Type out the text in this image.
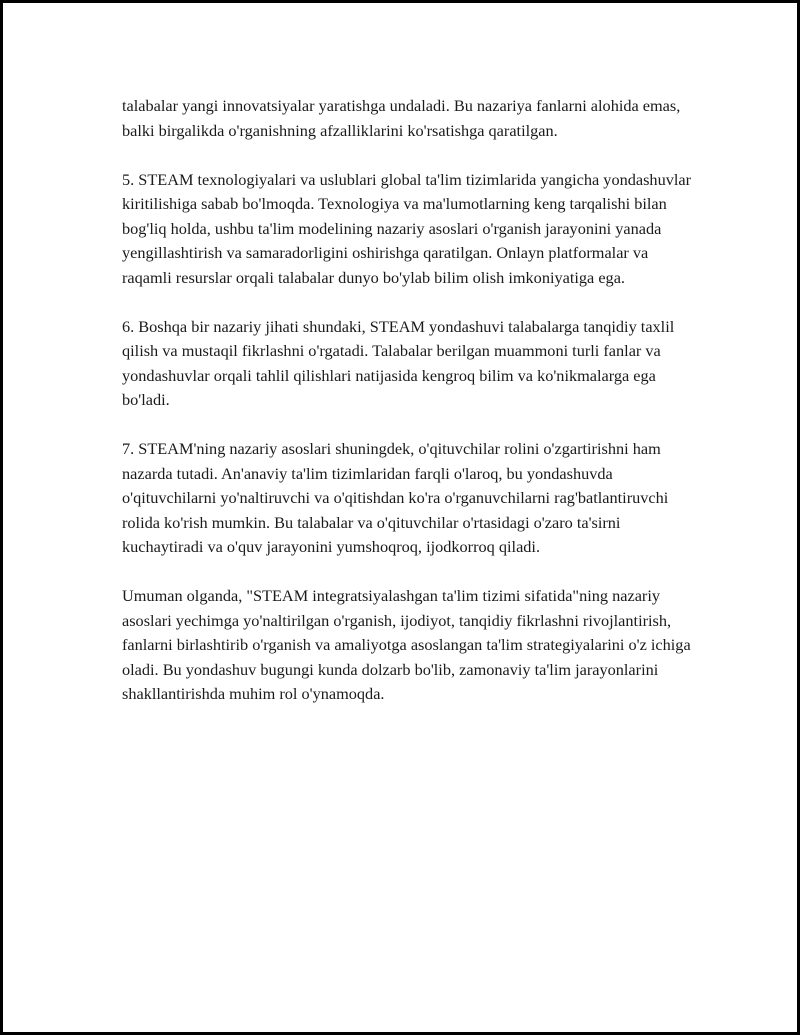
talabalar yangi innovatsiyalar yaratishga undaladi. Bu nazariya fanlarni alohida emas, balki birgalikda o'rganishning afzalliklarini ko'rsatishga qaratilgan.

5. STEAM texnologiyalari va uslublari global ta'lim tizimlarida yangicha yondashuvlar kiritilishiga sabab bo'lmoqda. Texnologiya va ma'lumotlarning keng tarqalishi bilan bog'liq holda, ushbu ta'lim modelining nazariy asoslari o'rganish jarayonini yanada yengillashtirish va samaradorligini oshirishga qaratilgan. Onlayn platformalar va raqamli resurslar orqali talabalar dunyo bo'ylab bilim olish imkoniyatiga ega.

6. Boshqa bir nazariy jihati shundaki, STEAM yondashuvi talabalarga tanqidiy taxlil qilish va mustaqil fikrlashni o'rgatadi. Talabalar berilgan muammoni turli fanlar va yondashuvlar orqali tahlil qilishlari natijasida kengroq bilim va ko'nikmalarga ega bo'ladi.

7. STEAM'ning nazariy asoslari shuningdek, o'qituvchilar rolini o'zgartirishni ham nazarda tutadi. An'anaviy ta'lim tizimlaridan farqli o'laroq, bu yondashuvda o'qituvchilarni yo'naltiruvchi va o'qitishdan ko'ra o'rganuvchilarni rag'batlantiruvchi rolida ko'rish mumkin. Bu talabalar va o'qituvchilar o'rtasidagi o'zaro ta'sirni kuchaytiradi va o'quv jarayonini yumshoqroq, ijodkorroq qiladi.

Umuman olganda, "STEAM integratsiyalashgan ta'lim tizimi sifatida"ning nazariy asoslari yechimga yo'naltirilgan o'rganish, ijodiyot, tanqidiy fikrlashni rivojlantirish, fanlarni birlashtirib o'rganish va amaliyotga asoslangan ta'lim strategiyalarini o'z ichiga oladi. Bu yondashuv bugungi kunda dolzarb bo'lib, zamonaviy ta'lim jarayonlarini shakllantirishda muhim rol o'ynamoqda.
